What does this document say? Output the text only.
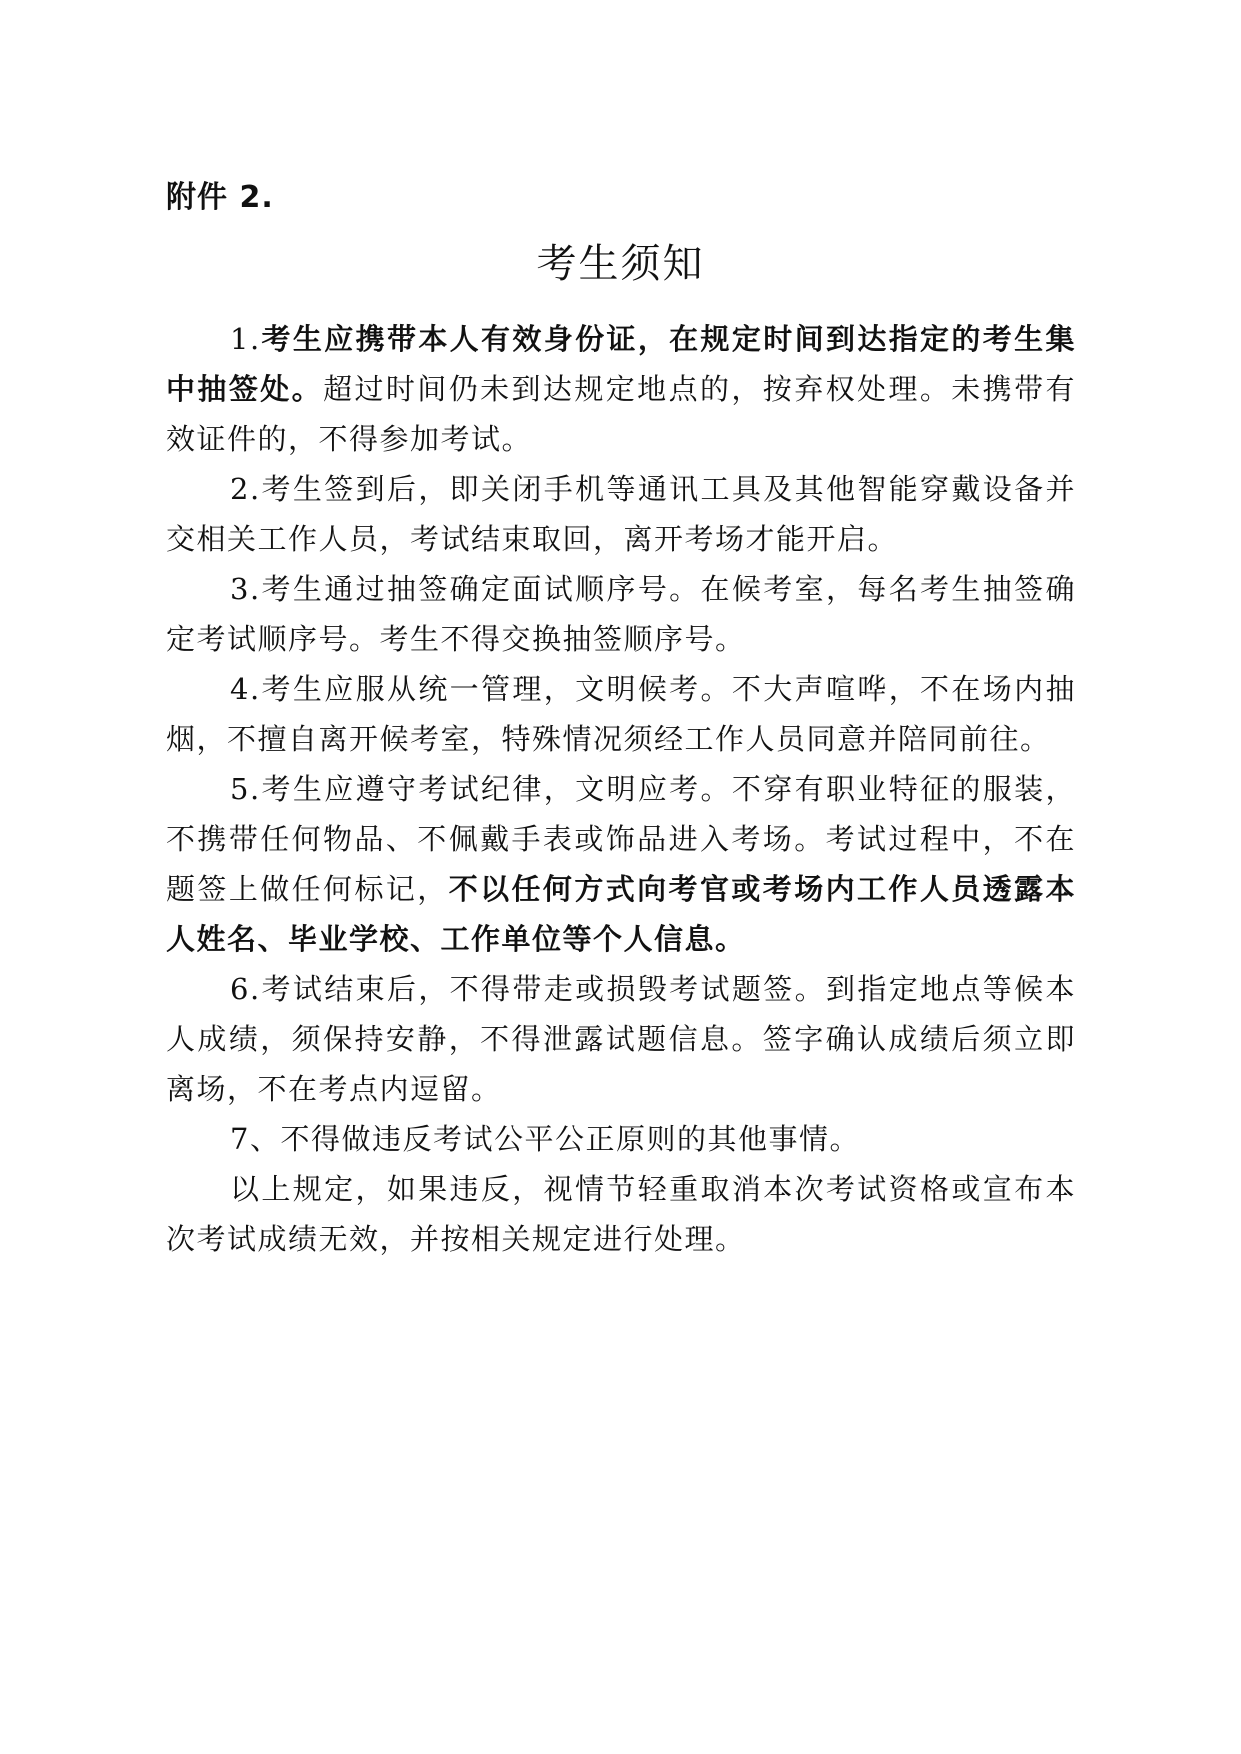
附件 2.
考生须知

1.考生应携带本人有效身份证，在规定时间到达指定的考生集中抽签处。超过时间仍未到达规定地点的，按弃权处理。未携带有效证件的，不得参加考试。

2.考生签到后，即关闭手机等通讯工具及其他智能穿戴设备并交相关工作人员，考试结束取回，离开考场才能开启。

3.考生通过抽签确定面试顺序号。在候考室，每名考生抽签确定考试顺序号。考生不得交换抽签顺序号。

4.考生应服从统一管理，文明候考。不大声喧哗，不在场内抽烟，不擅自离开候考室，特殊情况须经工作人员同意并陪同前往。

5.考生应遵守考试纪律，文明应考。不穿有职业特征的服装，不携带任何物品、不佩戴手表或饰品进入考场。考试过程中，不在题签上做任何标记，不以任何方式向考官或考场内工作人员透露本人姓名、毕业学校、工作单位等个人信息。

6.考试结束后，不得带走或损毁考试题签。到指定地点等候本人成绩，须保持安静，不得泄露试题信息。签字确认成绩后须立即离场，不在考点内逗留。

7、不得做违反考试公平公正原则的其他事情。

以上规定，如果违反，视情节轻重取消本次考试资格或宣布本次考试成绩无效，并按相关规定进行处理。
